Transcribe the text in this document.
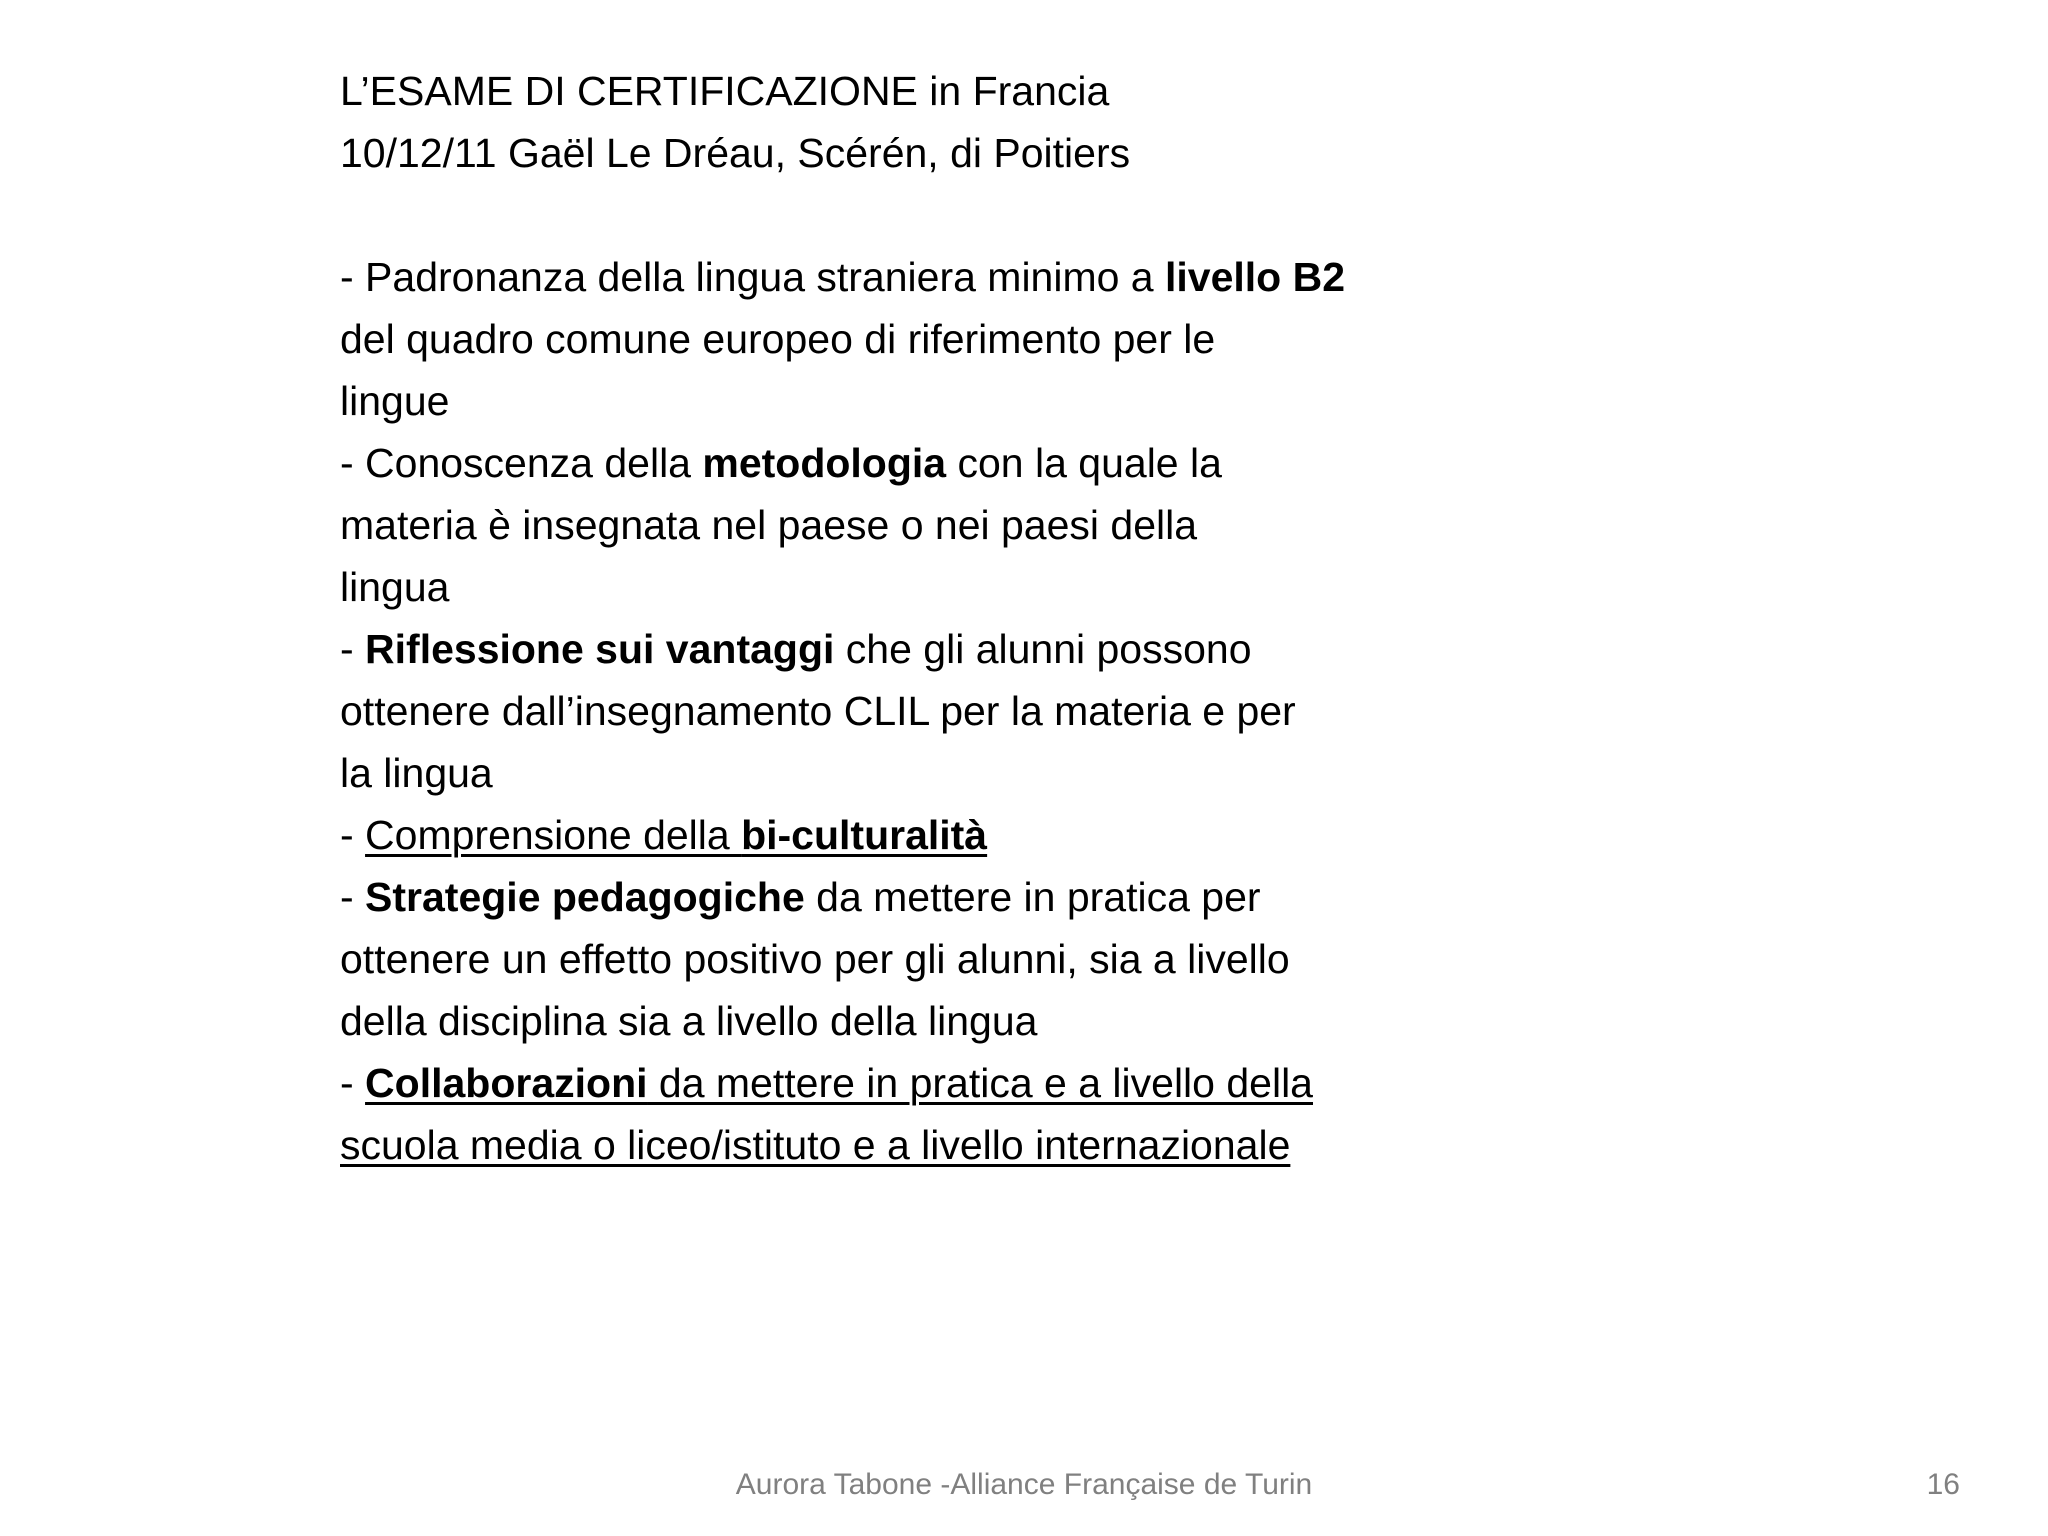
L’ESAME DI CERTIFICAZIONE in Francia
10/12/11 Gaël Le Dréau, Scérén, di Poitiers
- Padronanza della lingua straniera minimo a livello B2
del quadro comune europeo di riferimento per le
lingue
- Conoscenza della metodologia con la quale la
materia è insegnata nel paese o nei paesi della
lingua
- Riflessione sui vantaggi che gli alunni possono
ottenere dall’insegnamento CLIL per la materia e per
la lingua
- Comprensione della bi-culturalità
- Strategie pedagogiche da mettere in pratica per
ottenere un effetto positivo per gli alunni, sia a livello
della disciplina sia a livello della lingua
- Collaborazioni da mettere in pratica e a livello della
scuola media o liceo/istituto e a livello internazionale
Aurora Tabone -Alliance Française de Turin	16
